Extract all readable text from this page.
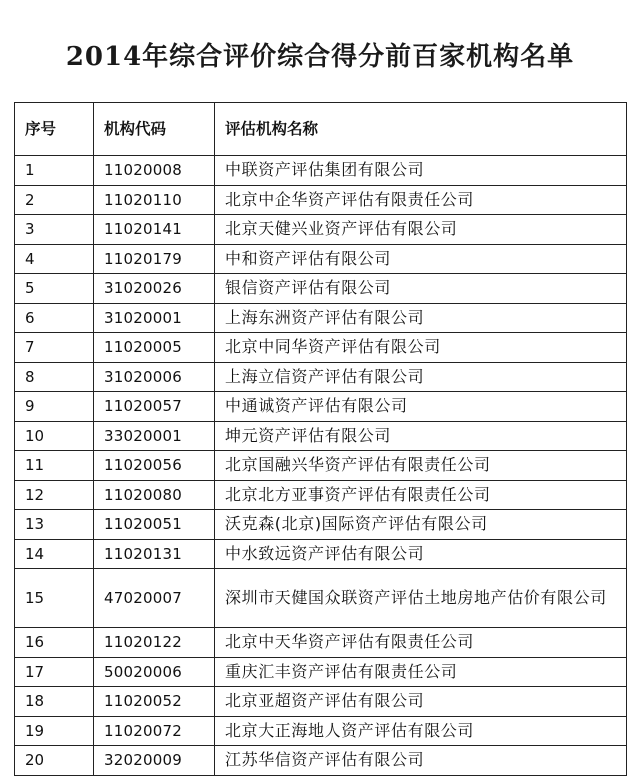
2014年综合评价综合得分前百家机构名单
序号	机构代码	评估机构名称
1	11020008	中联资产评估集团有限公司
2	11020110	北京中企华资产评估有限责任公司
3	11020141	北京天健兴业资产评估有限公司
4	11020179	中和资产评估有限公司
5	31020026	银信资产评估有限公司
6	31020001	上海东洲资产评估有限公司
7	11020005	北京中同华资产评估有限公司
8	31020006	上海立信资产评估有限公司
9	11020057	中通诚资产评估有限公司
10	33020001	坤元资产评估有限公司
11	11020056	北京国融兴华资产评估有限责任公司
12	11020080	北京北方亚事资产评估有限责任公司
13	11020051	沃克森(北京)国际资产评估有限公司
14	11020131	中水致远资产评估有限公司
15	47020007	深圳市天健国众联资产评估土地房地产估价有限公司
16	11020122	北京中天华资产评估有限责任公司
17	50020006	重庆汇丰资产评估有限责任公司
18	11020052	北京亚超资产评估有限公司
19	11020072	北京大正海地人资产评估有限公司
20	32020009	江苏华信资产评估有限公司
